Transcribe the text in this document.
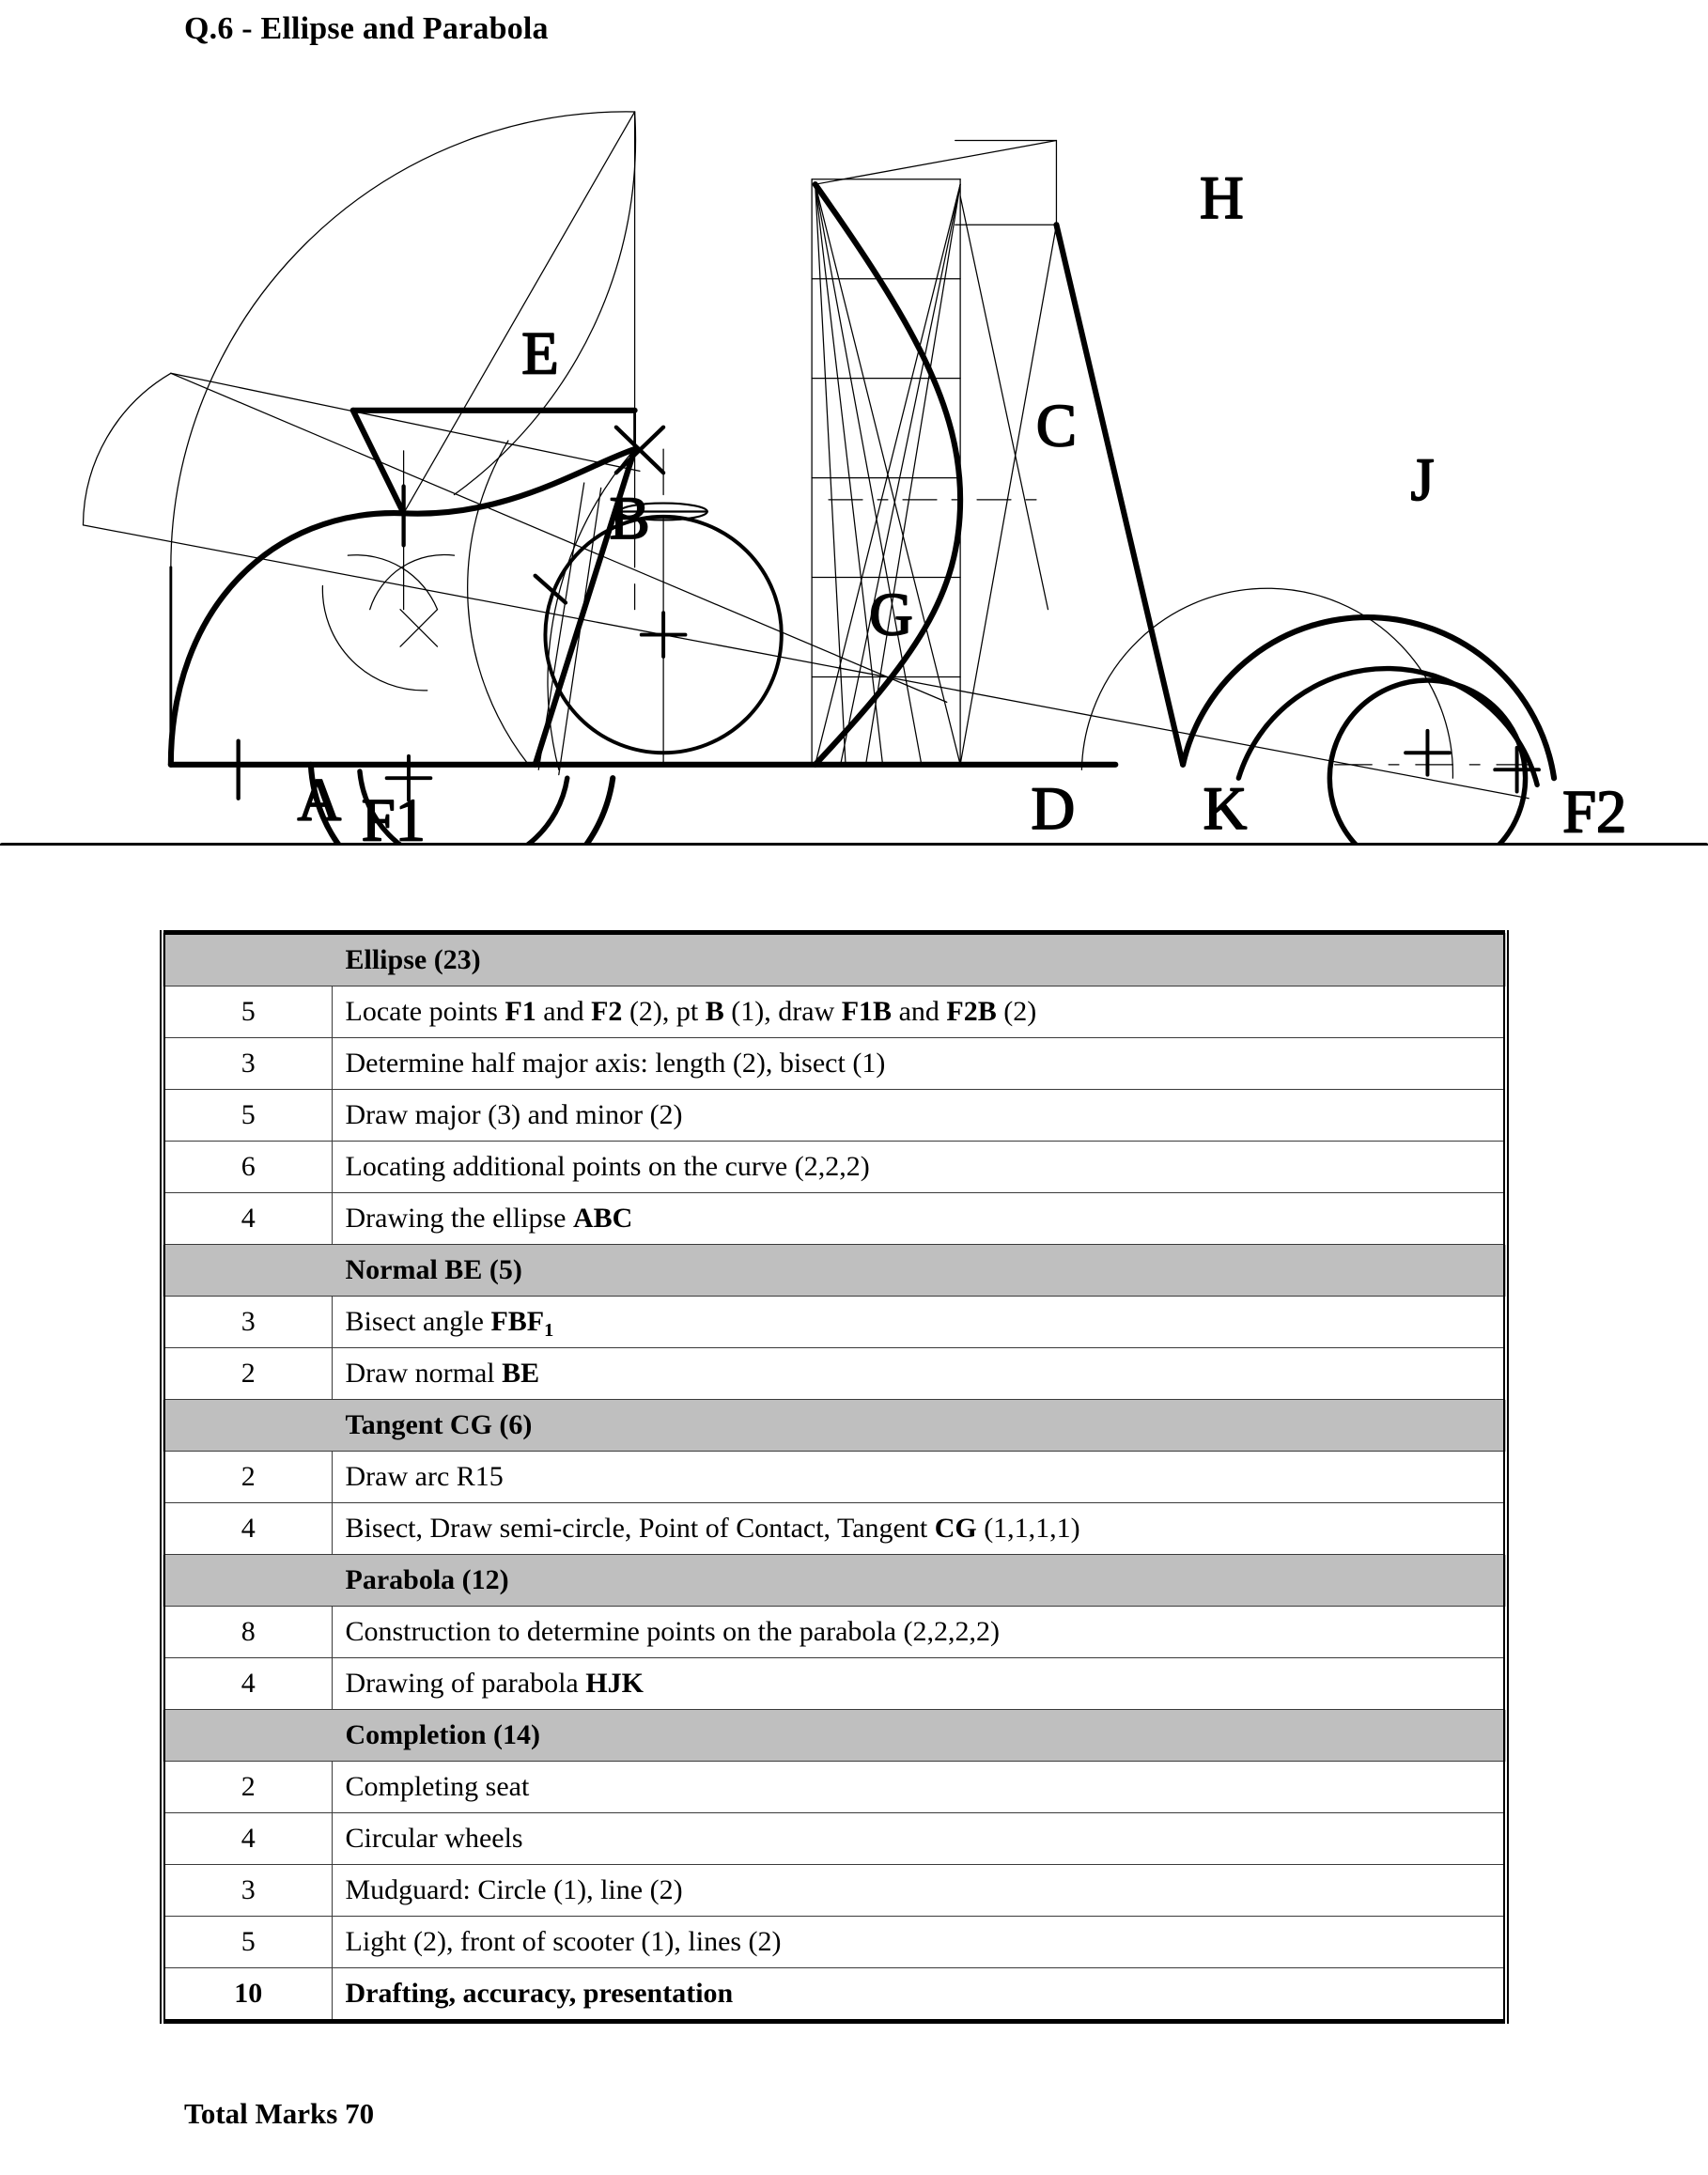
Q.6 - Ellipse and Parabola
A F1
E
B
C
G
D
H
J
K	F2
	Ellipse (23)
5	Locate points F1 and F2 (2), pt B (1), draw F1B and F2B (2)
3	Determine half major axis: length (2), bisect (1)
5	Draw major (3) and minor (2)
6	Locating additional points on the curve (2,2,2)
4	Drawing the ellipse ABC
	Normal BE (5)
3	Bisect angle $FBF_1$
2	Draw normal BE
	Tangent CG (6)
2	Draw arc R15
4	Bisect, Draw semi-circle, Point of Contact, Tangent CG (1,1,1,1)
	Parabola (12)
8	Construction to determine points on the parabola (2,2,2,2)
4	Drawing of parabola HJK
	Completion (14)
2	Completing seat
4	Circular wheels
3	Mudguard: Circle (1), line (2)
5	Light (2), front of scooter (1), lines (2)
10	Drafting, accuracy, presentation
Total Marks 70
